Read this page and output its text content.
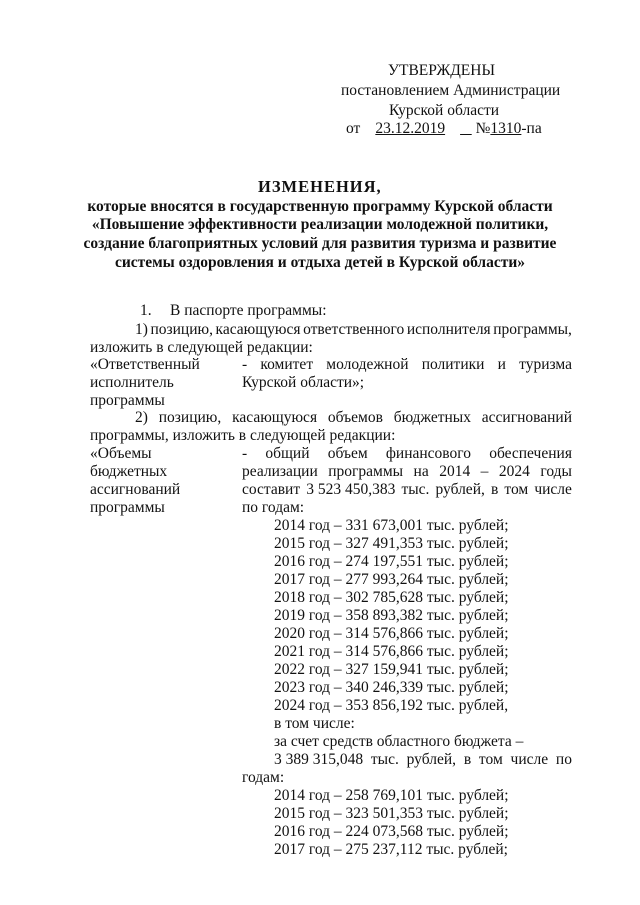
УТВЕРЖДЕНЫ
постановлением Администрации
Курской области
от 23.12.2019 №1310-па
ИЗМЕНЕНИЯ,
которые вносятся в государственную программу Курской области
«Повышение эффективности реализации молодежной политики,
создание благоприятных условий для развития туризма и развитие
системы оздоровления и отдыха детей в Курской области»
1. В паспорте программы:
1) позицию, касающуюся ответственного исполнителя программы,
изложить в следующей редакции:
«Ответственный
исполнитель
программы
- комитет молодежной политики и туризма
Курской области»;
2) позицию, касающуюся объемов бюджетных ассигнований
программы, изложить в следующей редакции:
«Объемы
бюджетных
ассигнований
программы
- общий объем финансового обеспечения
реализации программы на 2014 – 2024 годы
составит 3 523 450,383 тыс. рублей, в том числе
по годам:
2014 год – 331 673,001 тыс. рублей;
2015 год – 327 491,353 тыс. рублей;
2016 год – 274 197,551 тыс. рублей;
2017 год – 277 993,264 тыс. рублей;
2018 год – 302 785,628 тыс. рублей;
2019 год – 358 893,382 тыс. рублей;
2020 год – 314 576,866 тыс. рублей;
2021 год – 314 576,866 тыс. рублей;
2022 год – 327 159,941 тыс. рублей;
2023 год – 340 246,339 тыс. рублей;
2024 год – 353 856,192 тыс. рублей,
в том числе:
за счет средств областного бюджета –
3 389 315,048 тыс. рублей, в том числе по
годам:
2014 год – 258 769,101 тыс. рублей;
2015 год – 323 501,353 тыс. рублей;
2016 год – 224 073,568 тыс. рублей;
2017 год – 275 237,112 тыс. рублей;
